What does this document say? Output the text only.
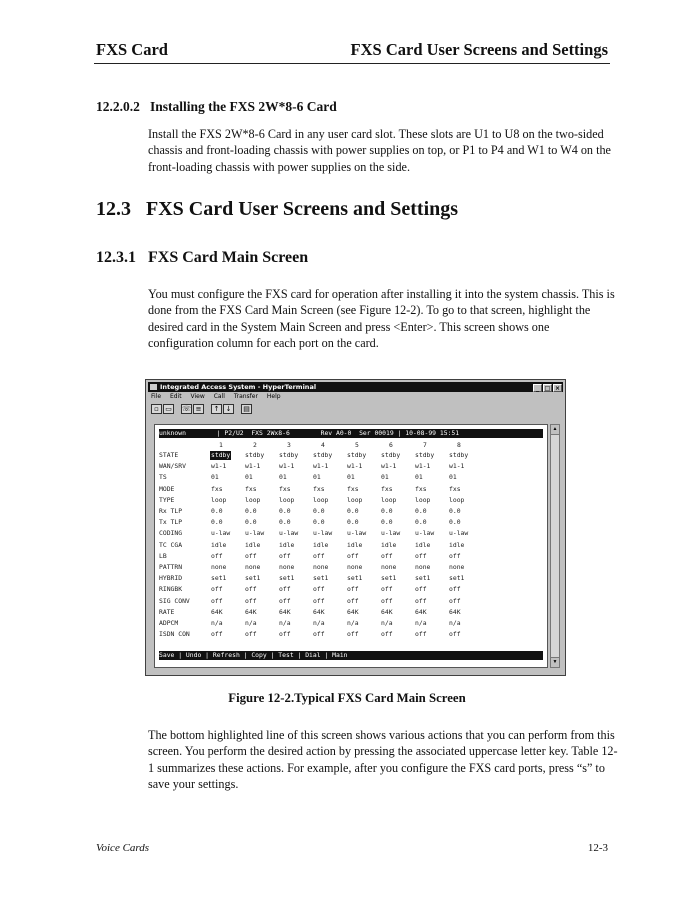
FXS Card	FXS Card User Screens and Settings
12.2.0.2   Installing the FXS 2W*8-6 Card
Install the FXS 2W*8-6 Card in any user card slot. These slots are U1 to U8 on the two-sided chassis and front-loading chassis with power supplies on top, or P1 to P4 and W1 to W4 on the front-loading chassis with power supplies on the side.
12.3   FXS Card User Screens and Settings
12.3.1   FXS Card Main Screen
You must configure the FXS card for operation after installing it into the system chassis. This is done from the FXS Card Main Screen (see Figure 12-2). To go to that screen, highlight the desired card in the System Main Screen and press <Enter>. This screen shows one configuration column for each port on the card.
Integrated Access System - HyperTerminal	_ □ ×
File Edit View Call Transfer Help
▫ ▭ ☏ ≡ ↑ ↓ ▤
unknown        | P2/U2  FXS 2Wx8-6        Rev A0-0  Ser 00019 | 10-08-99 15:51
1	2	3	4	5	6	7	8
STATE	stdby stdby stdby stdby stdby stdby stdby stdby
WAN/SRV	w1-1	w1-1	w1-1	w1-1	w1-1	w1-1	w1-1	w1-1
TS	01	01	01	01	01	01	01	01
MODE	fxs	fxs	fxs	fxs	fxs	fxs	fxs	fxs
TYPE	loop	loop	loop	loop	loop	loop	loop	loop
Rx TLP	0.0	0.0	0.0	0.0	0.0	0.0	0.0	0.0
Tx TLP	0.0	0.0	0.0	0.0	0.0	0.0	0.0	0.0
CODING	u-law u-law u-law u-law u-law u-law u-law u-law
TC CGA	idle	idle	idle	idle	idle	idle	idle	idle
LB	off	off	off	off	off	off	off	off
PATTRN	none	none	none	none	none	none	none	none
HYBRID	set1	set1	set1	set1	set1	set1	set1	set1
RINGBK	off	off	off	off	off	off	off	off
SIG CONV	off	off	off	off	off	off	off	off
RATE	64K	64K	64K	64K	64K	64K	64K	64K
ADPCM	n/a	n/a	n/a	n/a	n/a	n/a	n/a	n/a
ISDN CON	off	off	off	off	off	off	off	off
Save | Undo | Refresh | Copy | Test | Dial | Main
▲
▼
Figure 12-2.Typical FXS Card Main Screen
The bottom highlighted line of this screen shows various actions that you can perform from this screen. You perform the desired action by pressing the associated uppercase letter key. Table 12-1 summarizes these actions. For example, after you configure the FXS card ports, press “s” to save your settings.
Voice Cards	12-3
